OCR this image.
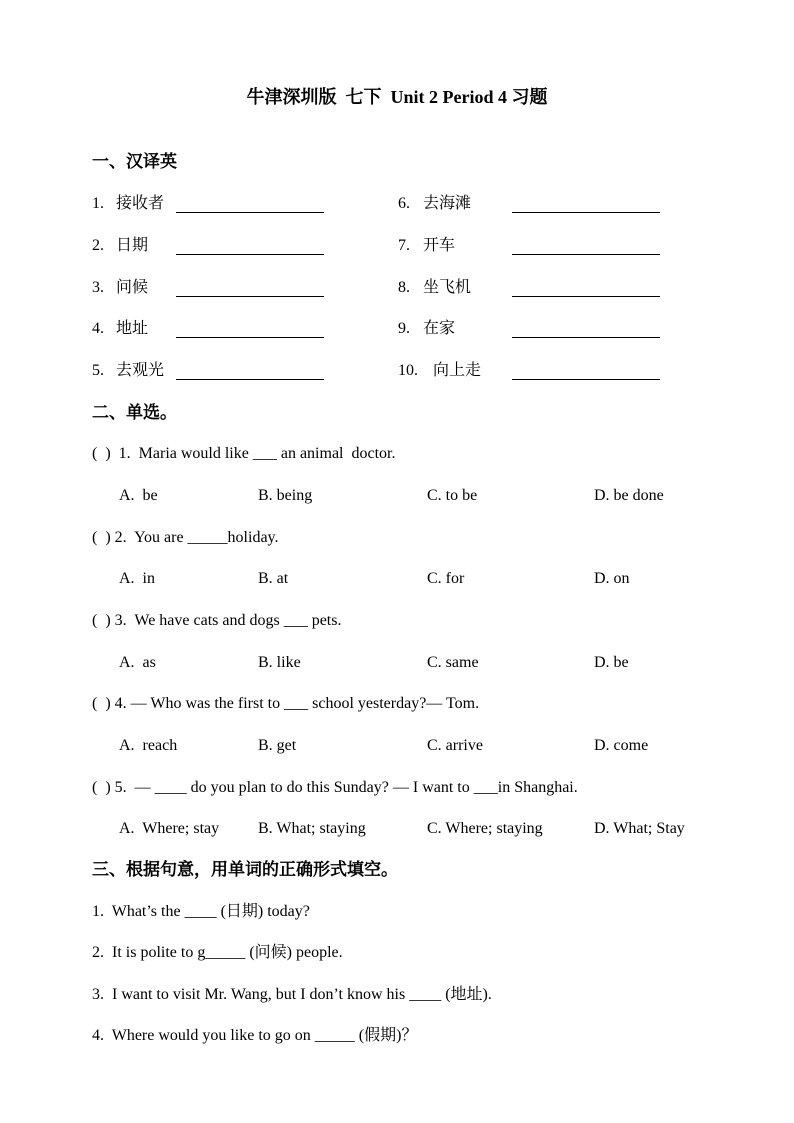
牛津深圳版  七下  Unit 2 Period 4 习题
一、汉译英
1. 接收者
2. 日期
3. 问候
4. 地址
5. 去观光
6. 去海滩
7. 开车
8. 坐飞机
9. 在家
10. 向上走
二、单选。
(  )  1.  Maria would like ___ an animal  doctor.
A.  be	B. being	C. to be	D. be done
(  ) 2.  You are _____holiday.
A.  in	B. at	C. for	D. on
(  ) 3.  We have cats and dogs ___ pets.
A.  as	B. like	C. same	D. be
(  ) 4. — Who was the first to ___ school yesterday?— Tom.
A.  reach	B. get	C. arrive	D. come
(  ) 5.  — ____ do you plan to do this Sunday? — I want to ___in Shanghai.
A.  Where; stay B. What; staying	C. Where; staying	D. What; Stay
三、根据句意，用单词的正确形式填空。
1.  What’s the ____ (日期) today?
2.  It is polite to g_____ (问候) people.
3.  I want to visit Mr. Wang, but I don’t know his ____ (地址).
4.  Where would you like to go on _____ (假期)？
